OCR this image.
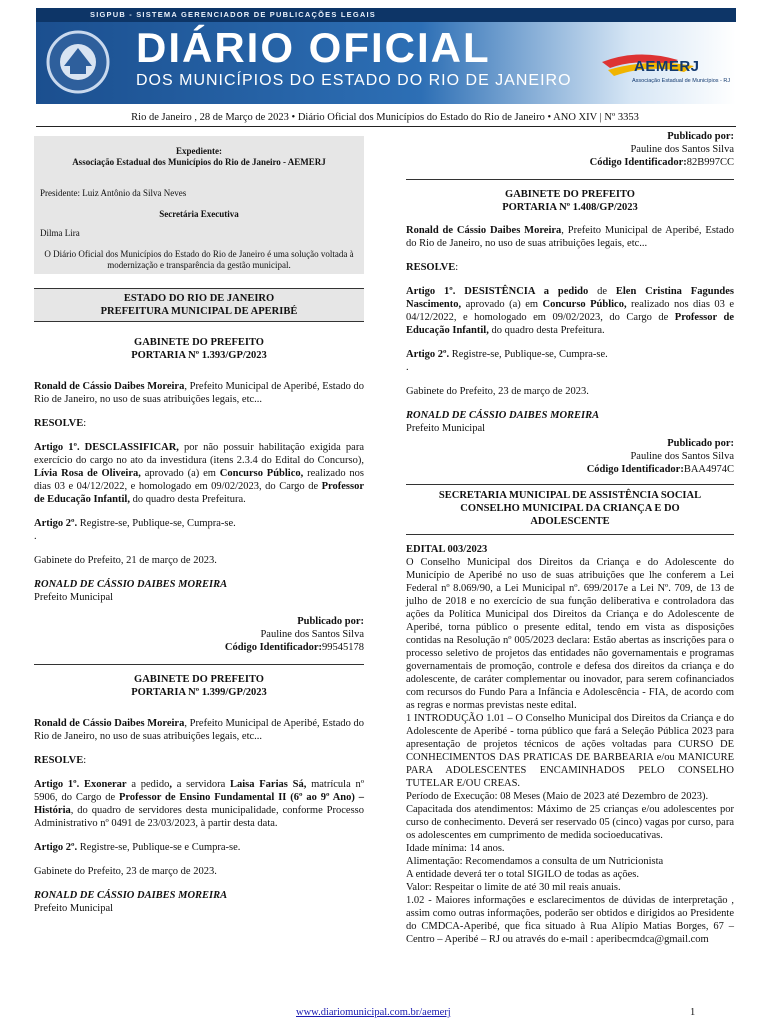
SIGPUB - SISTEMA GERENCIADOR DE PUBLICAÇÕES LEGAIS
DIÁRIO OFICIAL
DOS MUNICÍPIOS DO ESTADO DO RIO DE JANEIRO
AEMERJ
Associação Estadual de Municípios - RJ
Rio de Janeiro , 28 de Março de 2023 • Diário Oficial dos Municípios do Estado do Rio de Janeiro • ANO XIV | Nº 3353

Expediente:

Associação Estadual dos Municípios do Rio de Janeiro - AEMERJ

Presidente: Luiz Antônio da Silva Neves

Secretária Executiva

Dilma Lira

O Diário Oficial dos Municípios do Estado do Rio de Janeiro é uma solução voltada à modernização e transparência da gestão municipal.

ESTADO DO RIO DE JANEIRO

PREFEITURA MUNICIPAL DE APERIBÉ

GABINETE DO PREFEITO

PORTARIA Nº 1.393/GP/2023

Ronald de Cássio Daibes Moreira, Prefeito Municipal de Aperibé, Estado do Rio de Janeiro, no uso de suas atribuições legais, etc...

RESOLVE:

Artigo 1º. DESCLASSIFICAR, por não possuir habilitação exigida para exercício do cargo no ato da investidura (itens 2.3.4 do Edital do Concurso), Lívia Rosa de Oliveira, aprovado (a) em Concurso Público, realizado nos dias 03 e 04/12/2022, e homologado em 09/02/2023, do Cargo de Professor de Educação Infantil, do quadro desta Prefeitura.

Artigo 2º. Registre-se, Publique-se, Cumpra-se.

.

Gabinete do Prefeito, 21 de março de 2023.

RONALD DE CÁSSIO DAIBES MOREIRA

Prefeito Municipal

Publicado por:

Pauline dos Santos Silva

Código Identificador:99545178

GABINETE DO PREFEITO

PORTARIA Nº 1.399/GP/2023

Ronald de Cássio Daibes Moreira, Prefeito Municipal de Aperibé, Estado do Rio de Janeiro, no uso de suas atribuições legais, etc...

RESOLVE:

Artigo 1º. Exonerar a pedido, a servidora Laisa Farias Sá, matrícula nº 5906, do Cargo de Professor de Ensino Fundamental II (6º ao 9º Ano) – História, do quadro de servidores desta municipalidade, conforme Processo Administrativo nº 0491 de 23/03/2023, à partir desta data.

Artigo 2º. Registre-se, Publique-se e Cumpra-se.

Gabinete do Prefeito, 23 de março de 2023.

RONALD DE CÁSSIO DAIBES MOREIRA

Prefeito Municipal

Publicado por:

Pauline dos Santos Silva

Código Identificador:82B997CC

GABINETE DO PREFEITO

PORTARIA Nº 1.408/GP/2023

Ronald de Cássio Daibes Moreira, Prefeito Municipal de Aperibé, Estado do Rio de Janeiro, no uso de suas atribuições legais, etc...

RESOLVE:

Artigo 1º. DESISTÊNCIA a pedido de Elen Cristina Fagundes Nascimento, aprovado (a) em Concurso Público, realizado nos dias 03 e 04/12/2022, e homologado em 09/02/2023, do Cargo de Professor de Educação Infantil, do quadro desta Prefeitura.

Artigo 2º. Registre-se, Publique-se, Cumpra-se.

.

Gabinete do Prefeito, 23 de março de 2023.

RONALD DE CÁSSIO DAIBES MOREIRA

Prefeito Municipal

Publicado por:

Pauline dos Santos Silva

Código Identificador:BAA4974C

SECRETARIA MUNICIPAL DE ASSISTÊNCIA SOCIAL

CONSELHO MUNICIPAL DA CRIANÇA E DO ADOLESCENTE

EDITAL 003/2023

O Conselho Municipal dos Direitos da Criança e do Adolescente do Município de Aperibé no uso de suas atribuições que lhe conferem a Lei Federal nº 8.069/90, a Lei Municipal nº. 699/2017e a Lei Nº. 709, de 13 de julho de 2018 e no exercício de sua função deliberativa e controladora das ações da Política Municipal dos Direitos da Criança e do Adolescente de Aperibé, torna público o presente edital, tendo em vista as disposições contidas na Resolução nº 005/2023 declara: Estão abertas as inscrições para o processo seletivo de projetos das entidades não governamentais e programas governamentais de promoção, controle e defesa dos direitos da criança e do adolescente, de caráter complementar ou inovador, para serem cofinanciados com recursos do Fundo Para a Infância e Adolescência - FIA, de acordo com as regras e normas previstas neste edital.

1 INTRODUÇÃO 1.01 – O Conselho Municipal dos Direitos da Criança e do Adolescente de Aperibé - torna público que fará a Seleção Pública 2023 para apresentação de projetos técnicos de ações voltadas para CURSO DE CONHECIMENTOS DAS PRATICAS DE BARBEARIA e/ou MANICURE PARA ADOLESCENTES ENCAMINHADOS PELO CONSELHO TUTELAR E/OU CREAS.

Período de Execução: 08 Meses (Maio de 2023 até Dezembro de 2023).

Capacitada dos atendimentos: Máximo de 25 crianças e/ou adolescentes por curso de conhecimento. Deverá ser reservado 05 (cinco) vagas por curso, para os adolescentes em cumprimento de medida socioeducativas.

Idade mínima: 14 anos.

Alimentação: Recomendamos a consulta de um Nutricionista

A entidade deverá ter o total SIGILO de todas as ações.

Valor: Respeitar o limite de até 30 mil reais anuais.

1.02 - Maiores informações e esclarecimentos de dúvidas de interpretação , assim como outras informações, poderão ser obtidos e dirigidos ao Presidente do CMDCA-Aperibé, que fica situado à Rua Alípio Matias Borges, 67 – Centro – Aperibé – RJ ou através do e-mail : aperibecmdca@gmail.com

www.diariomunicipal.com.br/aemerj	1
